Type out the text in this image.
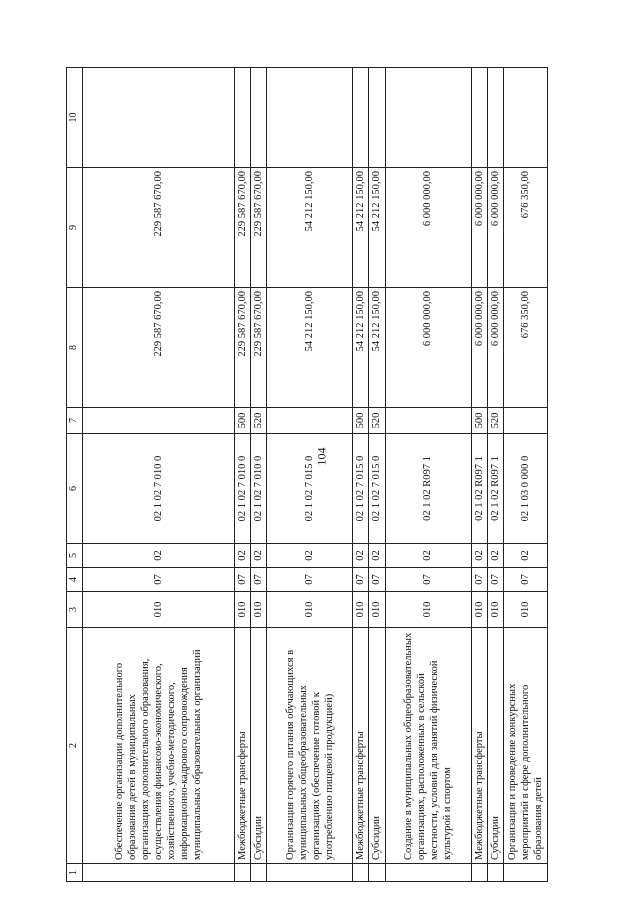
104
1	2	3	4	5	6	7	8	9	10
	Обеспечение организации дополнительного образования детей в муниципальных организациях дополнительного образования, осуществления финансово-экономического, хозяйственного, учебно-методического, информационно-кадрового сопровождения муниципальных образовательных организаций	010	07	02	02 1 02 7 010 0		229 587 670,00	229 587 670,00	
	Межбюджетные трансферты	010	07	02	02 1 02 7 010 0	500	229 587 670,00	229 587 670,00	
	Субсидии	010	07	02	02 1 02 7 010 0	520	229 587 670,00	229 587 670,00	
	Организация горячего питания обучающихся в муниципальных общеобразовательных организациях (обеспечение готовой к употреблению пищевой продукцией)	010	07	02	02 1 02 7 015 0		54 212 150,00	54 212 150,00	
	Межбюджетные трансферты	010	07	02	02 1 02 7 015 0	500	54 212 150,00	54 212 150,00	
	Субсидии	010	07	02	02 1 02 7 015 0	520	54 212 150,00	54 212 150,00	
	Создание в муниципальных общеобразовательных организациях, расположенных в сельской местности, условий для занятий физической культурой и спортом	010	07	02	02 1 02 R097 1		6 000 000,00	6 000 000,00	
	Межбюджетные трансферты	010	07	02	02 1 02 R097 1	500	6 000 000,00	6 000 000,00	
	Субсидии	010	07	02	02 1 02 R097 1	520	6 000 000,00	6 000 000,00	
	Организация и проведение конкурсных мероприятий в сфере дополнительного образования детей	010	07	02	02 1 03 0 000 0		676 350,00	676 350,00	
